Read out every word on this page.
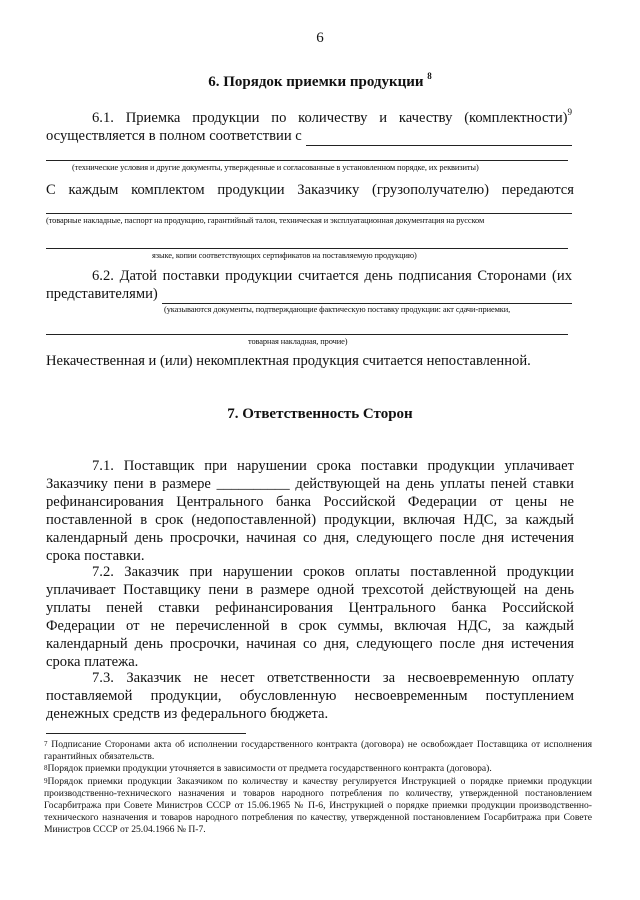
6
6. Порядок приемки продукции $^8$
6.1. Приемка продукции по количеству и качеству (комплектности)$^9$
осуществляется в полном соответствии с
(технические условия и другие документы, утвержденные и согласованные в установленном порядке, их реквизиты)
С каждым комплектом продукции Заказчику (грузополучателю) передаются
(товарные накладные, паспорт на продукцию, гарантийный талон, техническая и эксплуатационная документация на русском
языке, копии соответствующих сертификатов на поставляемую продукцию)
6.2. Датой поставки продукции считается день подписания Сторонами (их
представителями)
(указываются документы, подтверждающие фактическую поставку продукции: акт сдачи-приемки,
товарная накладная, прочие)
Некачественная и (или) некомплектная продукция считается непоставленной.
7. Ответственность Сторон
7.1. Поставщик при нарушении срока поставки продукции уплачивает
Заказчику пени в размере __________ действующей на день уплаты пеней ставки
рефинансирования Центрального банка Российской Федерации от цены не
поставленной в срок (недопоставленной) продукции, включая НДС, за каждый
календарный день просрочки, начиная со дня, следующего после дня истечения
срока поставки.
7.2. Заказчик при нарушении сроков оплаты поставленной продукции
уплачивает Поставщику пени в размере одной трехсотой действующей на день
уплаты пеней ставки рефинансирования Центрального банка Российской
Федерации от не перечисленной в срок суммы, включая НДС, за каждый
календарный день просрочки, начиная со дня, следующего после дня истечения
срока платежа.
7.3. Заказчик не несет ответственности за несвоевременную оплату
поставляемой продукции, обусловленную несвоевременным поступлением
денежных средств из федерального бюджета.

$^7$ Подписание Сторонами акта об исполнении государственного контракта (договора) не освобождает Поставщика от исполнения гарантийных обязательств.

$^8$Порядок приемки продукции уточняется в зависимости от предмета государственного контракта (договора).

$^9$Порядок приемки продукции Заказчиком по количеству и качеству регулируется Инструкцией о порядке приемки продукции производственно-технического назначения и товаров народного потребления по количеству, утвержденной постановлением Госарбитража при Совете Министров СССР от 15.06.1965 № П-6, Инструкцией о порядке приемки продукции производственно-технического назначения и товаров народного потребления по качеству, утвержденной постановлением Госарбитража при Совете Министров СССР от 25.04.1966 № П-7.
